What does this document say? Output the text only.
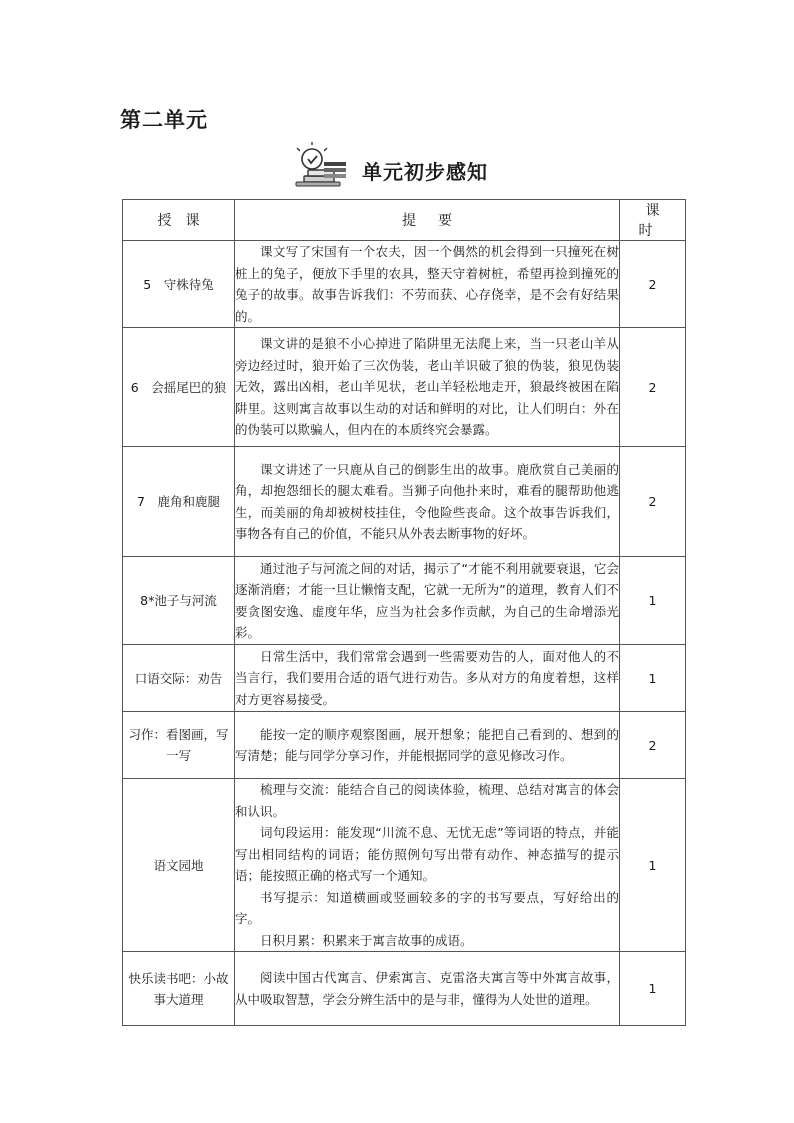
第二单元
单元初步感知
授课	提要	课时
5　守株待兔	课文写了宋国有一个农夫，因一个偶然的机会得到一只撞死在树桩上的兔子，便放下手里的农具，整天守着树桩，希望再捡到撞死的兔子的故事。故事告诉我们：不劳而获、心存侥幸，是不会有好结果的。	2
6　会摇尾巴的狼	课文讲的是狼不小心掉进了陷阱里无法爬上来，当一只老山羊从旁边经过时，狼开始了三次伪装，老山羊识破了狼的伪装，狼见伪装无效，露出凶相，老山羊见状，老山羊轻松地走开，狼最终被困在陷阱里。这则寓言故事以生动的对话和鲜明的对比，让人们明白：外在的伪装可以欺骗人，但内在的本质终究会暴露。	2
7　鹿角和鹿腿	课文讲述了一只鹿从自己的倒影生出的故事。鹿欣赏自己美丽的角，却抱怨细长的腿太难看。当狮子向他扑来时，难看的腿帮助他逃生，而美丽的角却被树枝挂住，令他险些丧命。这个故事告诉我们，事物各有自己的价值，不能只从外表去断事物的好坏。	2
8*池子与河流	通过池子与河流之间的对话，揭示了“才能不利用就要衰退，它会逐渐消磨；才能一旦让懒惰支配，它就一无所为”的道理，教育人们不要贪图安逸、虚度年华，应当为社会多作贡献，为自己的生命增添光彩。	1
口语交际：劝告	日常生活中，我们常常会遇到一些需要劝告的人，面对他人的不当言行，我们要用合适的语气进行劝告。多从对方的角度着想，这样对方更容易接受。	1
习作：看图画，写一写	能按一定的顺序观察图画，展开想象；能把自己看到的、想到的写清楚；能与同学分享习作，并能根据同学的意见修改习作。	2
语文园地	梳理与交流：能结合自己的阅读体验，梳理、总结对寓言的体会和认识。
词句段运用：能发现“川流不息、无忧无虑”等词语的特点，并能写出相同结构的词语；能仿照例句写出带有动作、神态描写的提示语；能按照正确的格式写一个通知。
书写提示：知道横画或竖画较多的字的书写要点，写好给出的字。
日积月累：积累来于寓言故事的成语。	1
快乐读书吧：小故事大道理	阅读中国古代寓言、伊索寓言、克雷洛夫寓言等中外寓言故事，从中吸取智慧，学会分辨生活中的是与非，懂得为人处世的道理。	1
